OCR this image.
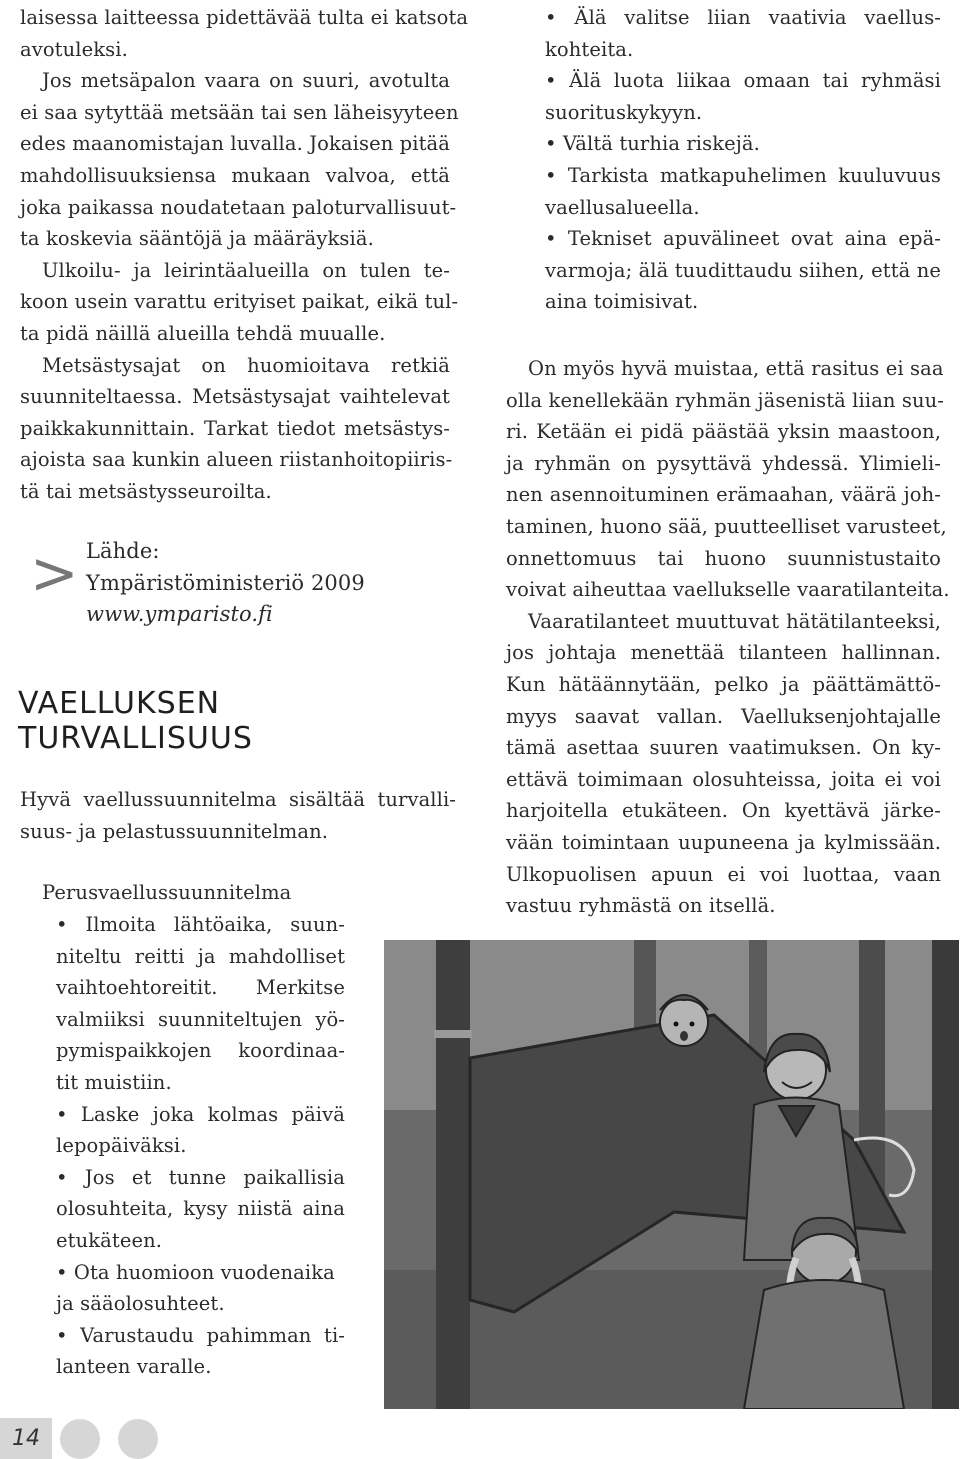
laisessa laitteessa pidettävää tulta ei katsota
avotuleksi.
Jos metsäpalon vaara on suuri, avotulta
ei saa sytyttää metsään tai sen läheisyyteen
edes maanomistajan luvalla. Jokaisen pitää
mahdollisuuksiensa mukaan valvoa, että
joka paikassa noudatetaan paloturvallisuut-
ta koskevia sääntöjä ja määräyksiä.
Ulkoilu- ja leirintäalueilla on tulen te-
koon usein varattu erityiset paikat, eikä tul-
ta pidä näillä alueilla tehdä muualle.
Metsästysajat on huomioitava retkiä
suunniteltaessa. Metsästysajat vaihtelevat
paikkakunnittain. Tarkat tiedot metsästys-
ajoista saa kunkin alueen riistanhoitopiiris-
tä tai metsästysseuroilta.
> Lähde:
Ympäristöministeriö 2009
www.ymparisto.fi
VAELLUKSEN
TURVALLISUUS
Hyvä vaellussuunnitelma sisältää turvalli-
suus- ja pelastussuunnitelman.
Perusvaellussuunnitelma
• Ilmoita lähtöaika, suun-
niteltu reitti ja mahdolliset
vaihtoehtoreitit. Merkitse
valmiiksi suunniteltujen yö-
pymispaikkojen koordinaa-
tit muistiin.
• Laske joka kolmas päivä
lepopäiväksi.
• Jos et tunne paikallisia
olosuhteita, kysy niistä aina
etukäteen.
• Ota huomioon vuodenaika
ja sääolosuhteet.
• Varustaudu pahimman ti-
lanteen varalle.
• Älä valitse liian vaativia vaellus-
kohteita.
• Älä luota liikaa omaan tai ryhmäsi
suorituskykyyn.
• Vältä turhia riskejä.
• Tarkista matkapuhelimen kuuluvuus
vaellusalueella.
• Tekniset apuvälineet ovat aina epä-
varmoja; älä tuudittaudu siihen, että ne
aina toimisivat.
On myös hyvä muistaa, että rasitus ei saa
olla kenellekään ryhmän jäsenistä liian suu-
ri. Ketään ei pidä päästää yksin maastoon,
ja ryhmän on pysyttävä yhdessä. Ylimieli-
nen asennoituminen erämaahan, väärä joh-
taminen, huono sää, puutteelliset varusteet,
onnettomuus tai huono suunnistustaito
voivat aiheuttaa vaellukselle vaaratilanteita.
Vaaratilanteet muuttuvat hätätilanteeksi,
jos johtaja menettää tilanteen hallinnan.
Kun hätäännytään, pelko ja päättämättö-
myys saavat vallan. Vaelluksenjohtajalle
tämä asettaa suuren vaatimuksen. On ky-
ettävä toimimaan olosuhteissa, joita ei voi
harjoitella etukäteen. On kyettävä järke-
vään toimintaan uupuneena ja kylmissään.
Ulkopuolisen apuun ei voi luottaa, vaan
vastuu ryhmästä on itsellä.
14
